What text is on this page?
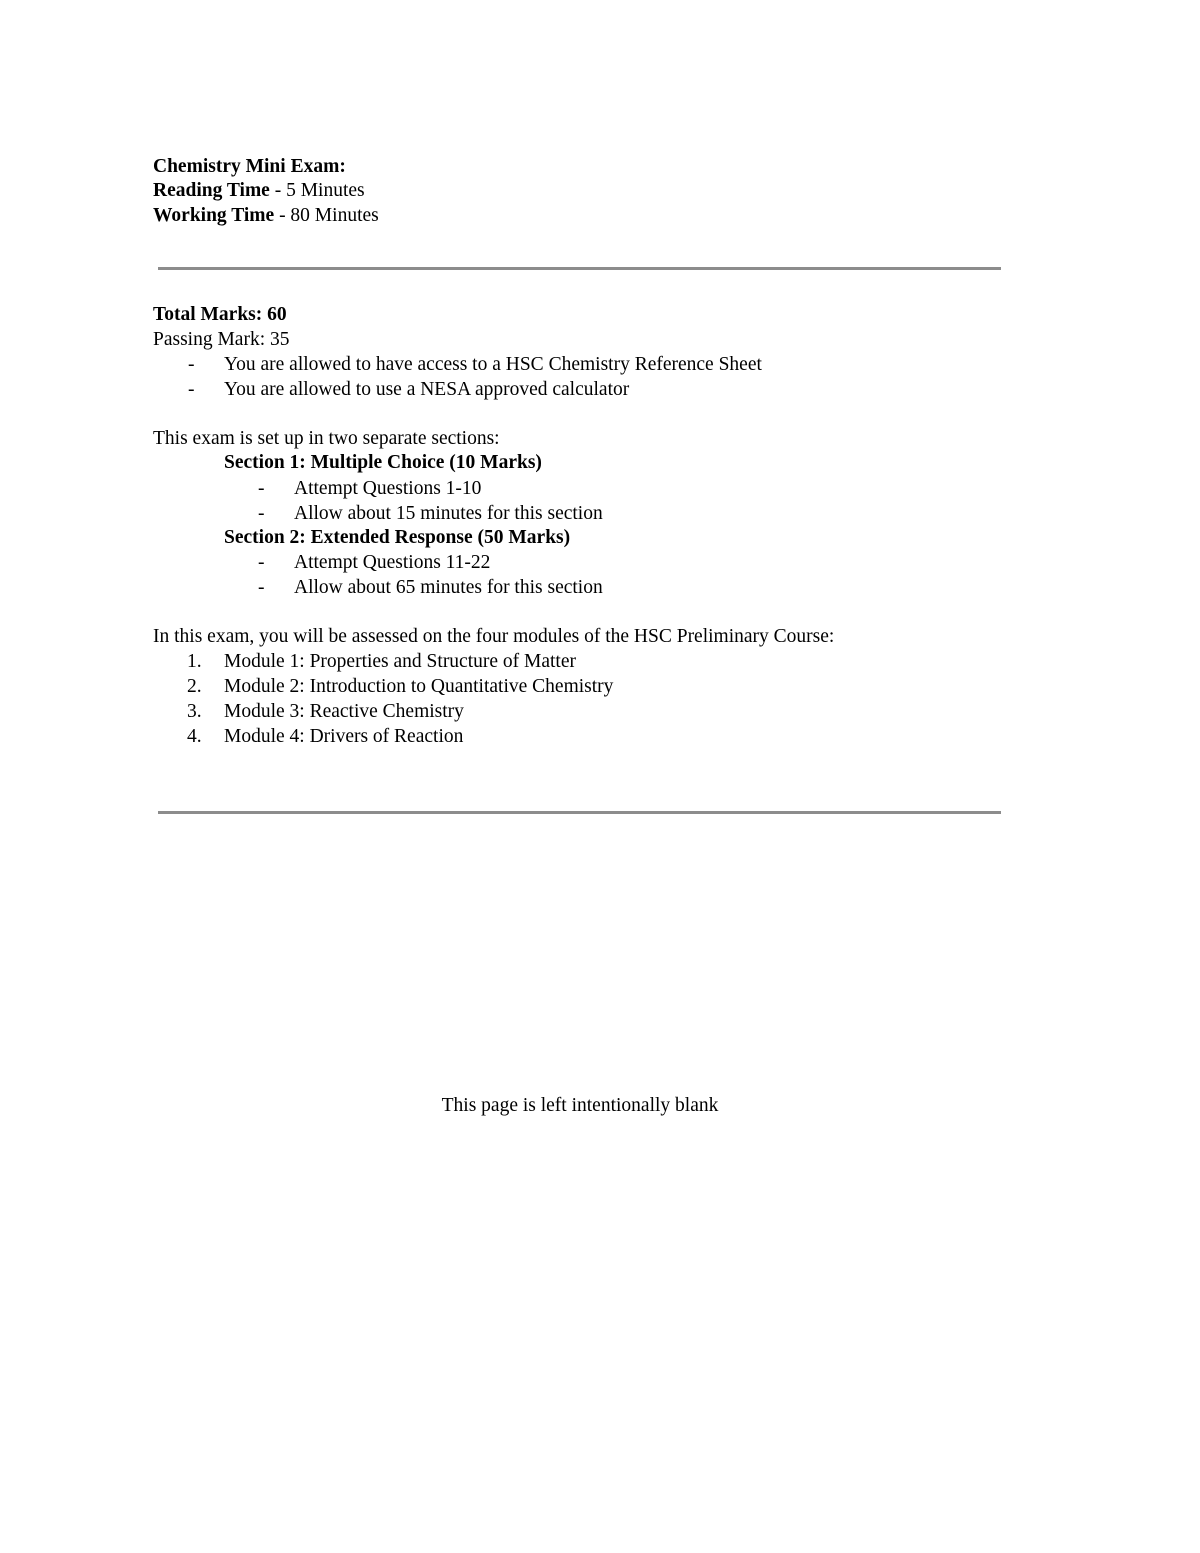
Chemistry Mini Exam:
Reading Time - 5 Minutes
Working Time - 80 Minutes
Total Marks: 60
Passing Mark: 35
- You are allowed to have access to a HSC Chemistry Reference Sheet
- You are allowed to use a NESA approved calculator
This exam is set up in two separate sections:
Section 1: Multiple Choice (10 Marks)
- Attempt Questions 1-10
- Allow about 15 minutes for this section
Section 2: Extended Response (50 Marks)
- Attempt Questions 11-22
- Allow about 65 minutes for this section
In this exam, you will be assessed on the four modules of the HSC Preliminary Course:
1. Module 1: Properties and Structure of Matter
2. Module 2: Introduction to Quantitative Chemistry
3. Module 3: Reactive Chemistry
4. Module 4: Drivers of Reaction
This page is left intentionally blank
